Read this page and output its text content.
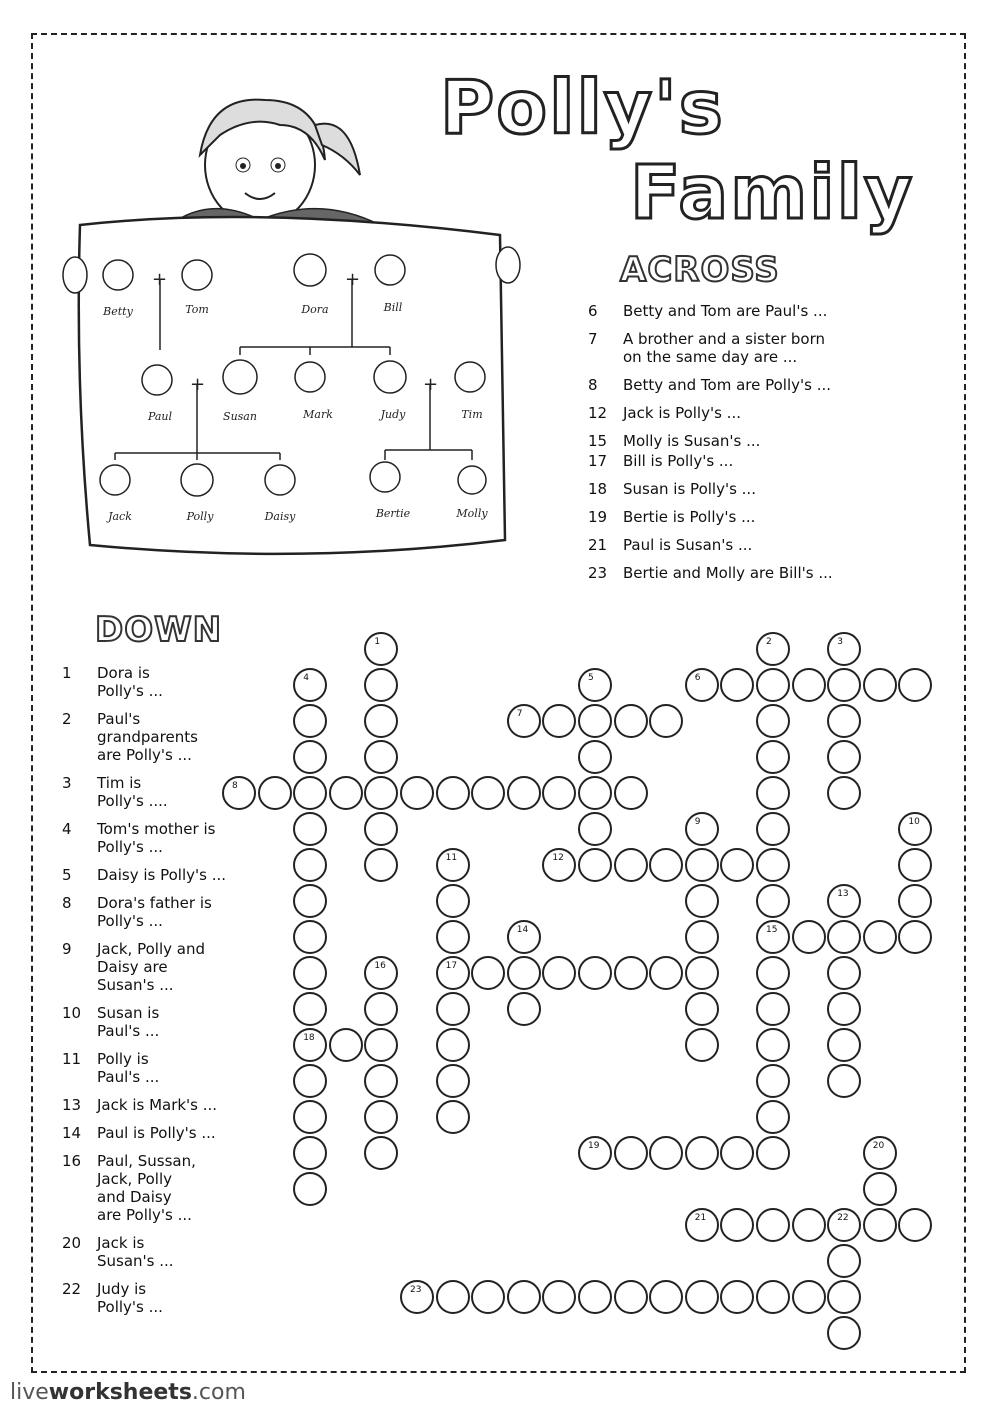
Polly's
Family
+	+
+	+
Betty	Tom	Dora	Bill
Paul	Susan	Mark	Judy	Tim
Jack	Polly	Daisy	Bertie	Molly
ACROSS
6	Betty and Tom are Paul's ...
7	A brother and a sister born
on the same day are ...
8	Betty and Tom are Polly's ...
12	Jack is Polly's ...
15	Molly is Susan's ...
17	Bill is Polly's ...
18	Susan is Polly's ...
19	Bertie is Polly's ...
21	Paul is Susan's ...
23	Bertie and Molly are Bill's ...
DOWN
1	Dora is
Polly's ...
2	Paul's
grandparents
are Polly's ...
3	Tim is
Polly's ....
4	Tom's mother is
Polly's ...
5	Daisy is Polly's ...
8	Dora's father is
Polly's ...
9	Jack, Polly and
Daisy are
Susan's ...
10	Susan is
Paul's ...
11	Polly is
Paul's ...
13	Jack is Mark's ...
14	Paul is Polly's ...
16	Paul, Sussan,
Jack, Polly
and Daisy
are Polly's ...
20	Jack is
Susan's ...
22	Judy is
Polly's ...
6
7
8
12
15
17
18
19
21	22
23
1	2	3
4	5
9	10
11
13
14
16
20
liveworksheets.com
